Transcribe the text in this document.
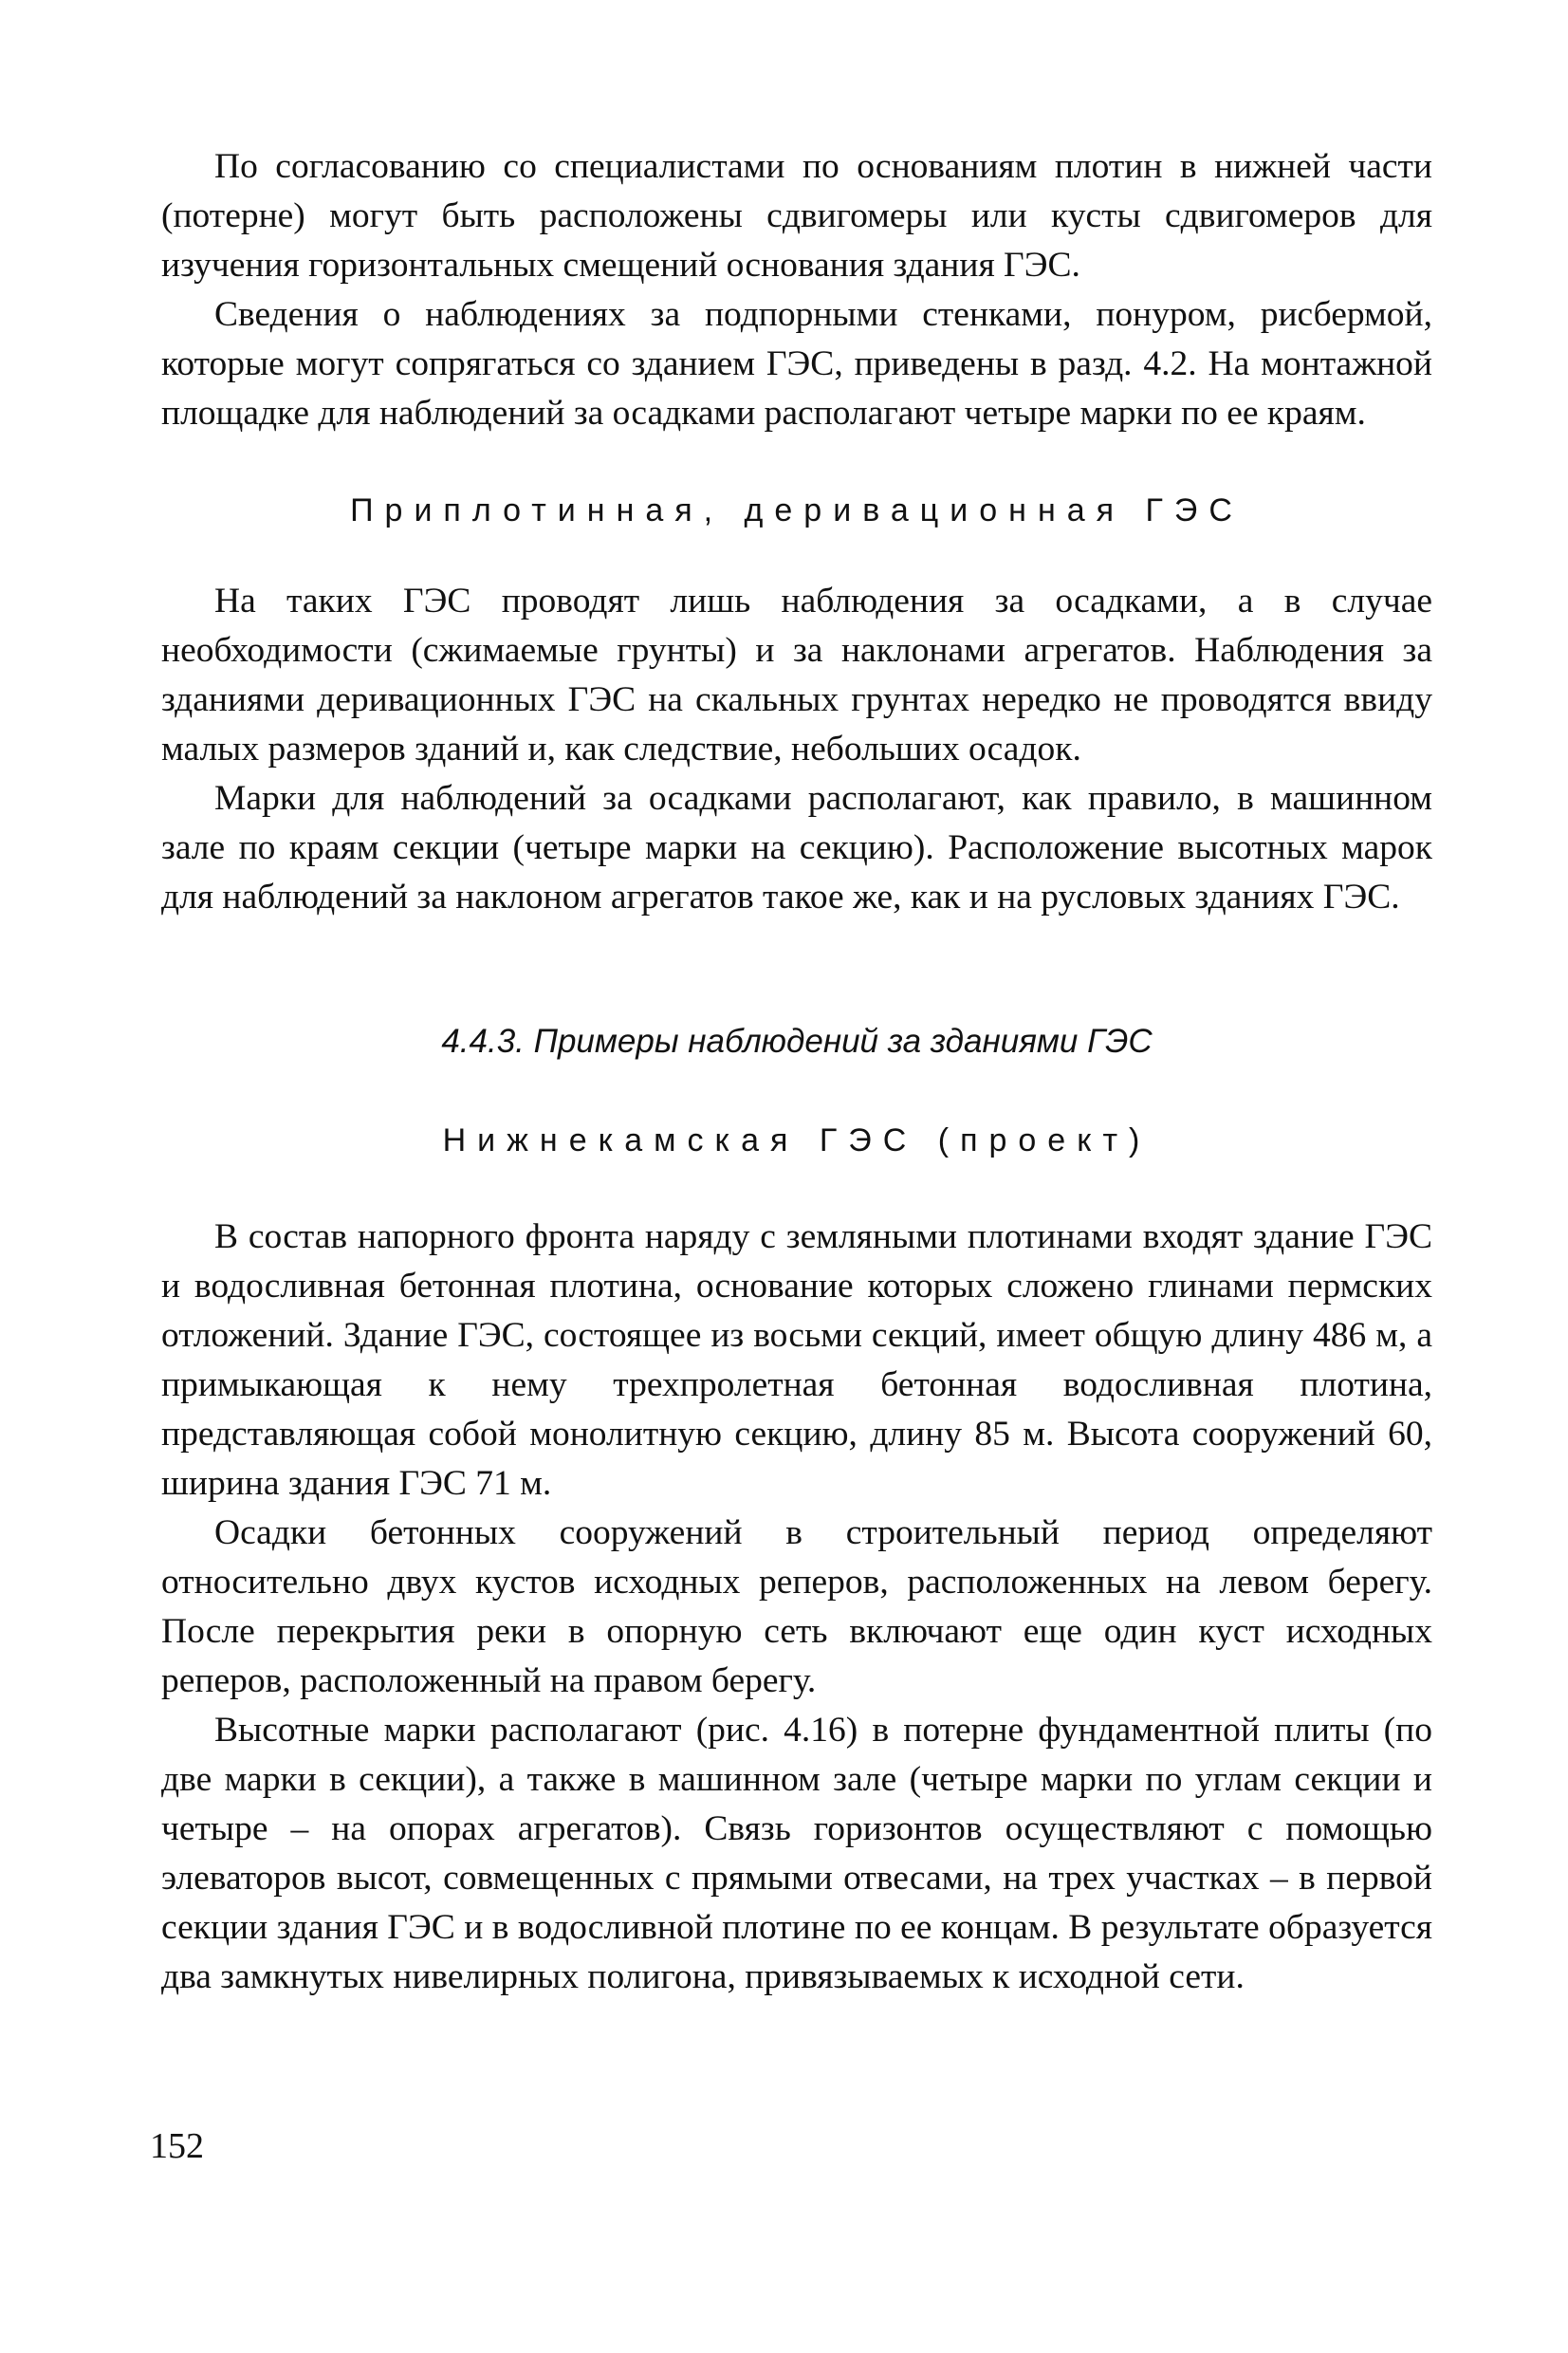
По согласованию со специалистами по основаниям плотин в нижней части (потерне) могут быть расположены сдвигомеры или кусты сдвигомеров для изучения горизонтальных смещений основания здания ГЭС.

Сведения о наблюдениях за подпорными стенками, понуром, рисбермой, которые могут сопрягаться со зданием ГЭС, приведены в разд. 4.2. На монтажной площадке для наблюдений за осадками располагают четыре марки по ее краям.

Приплотинная, деривационная ГЭС

На таких ГЭС проводят лишь наблюдения за осадками, а в случае необходимости (сжимаемые грунты) и за наклонами агрегатов. Наблюдения за зданиями деривационных ГЭС на скальных грунтах нередко не проводятся ввиду малых размеров зданий и, как следствие, небольших осадок.

Марки для наблюдений за осадками располагают, как правило, в машинном зале по краям секции (четыре марки на секцию). Расположение высотных марок для наблюдений за наклоном агрегатов такое же, как и на русловых зданиях ГЭС.

4.4.3. Примеры наблюдений за зданиями ГЭС

Нижнекамская ГЭС (проект)

В состав напорного фронта наряду с земляными плотинами входят здание ГЭС и водосливная бетонная плотина, основание которых сложено глинами пермских отложений. Здание ГЭС, состоящее из восьми секций, имеет общую длину 486 м, а примыкающая к нему трехпролетная бетонная водосливная плотина, представляющая собой монолитную секцию, длину 85 м. Высота сооружений 60, ширина здания ГЭС 71 м.

Осадки бетонных сооружений в строительный период определяют относительно двух кустов исходных реперов, расположенных на левом берегу. После перекрытия реки в опорную сеть включают еще один куст исходных реперов, расположенный на правом берегу.

Высотные марки располагают (рис. 4.16) в потерне фундаментной плиты (по две марки в секции), а также в машинном зале (четыре марки по углам секции и четыре – на опорах агрегатов). Связь горизонтов осуществляют с помощью элеваторов высот, совмещенных с прямыми отвесами, на трех участках – в первой секции здания ГЭС и в водосливной плотине по ее концам. В результате образуется два замкнутых нивелирных полигона, привязываемых к исходной сети.

152
